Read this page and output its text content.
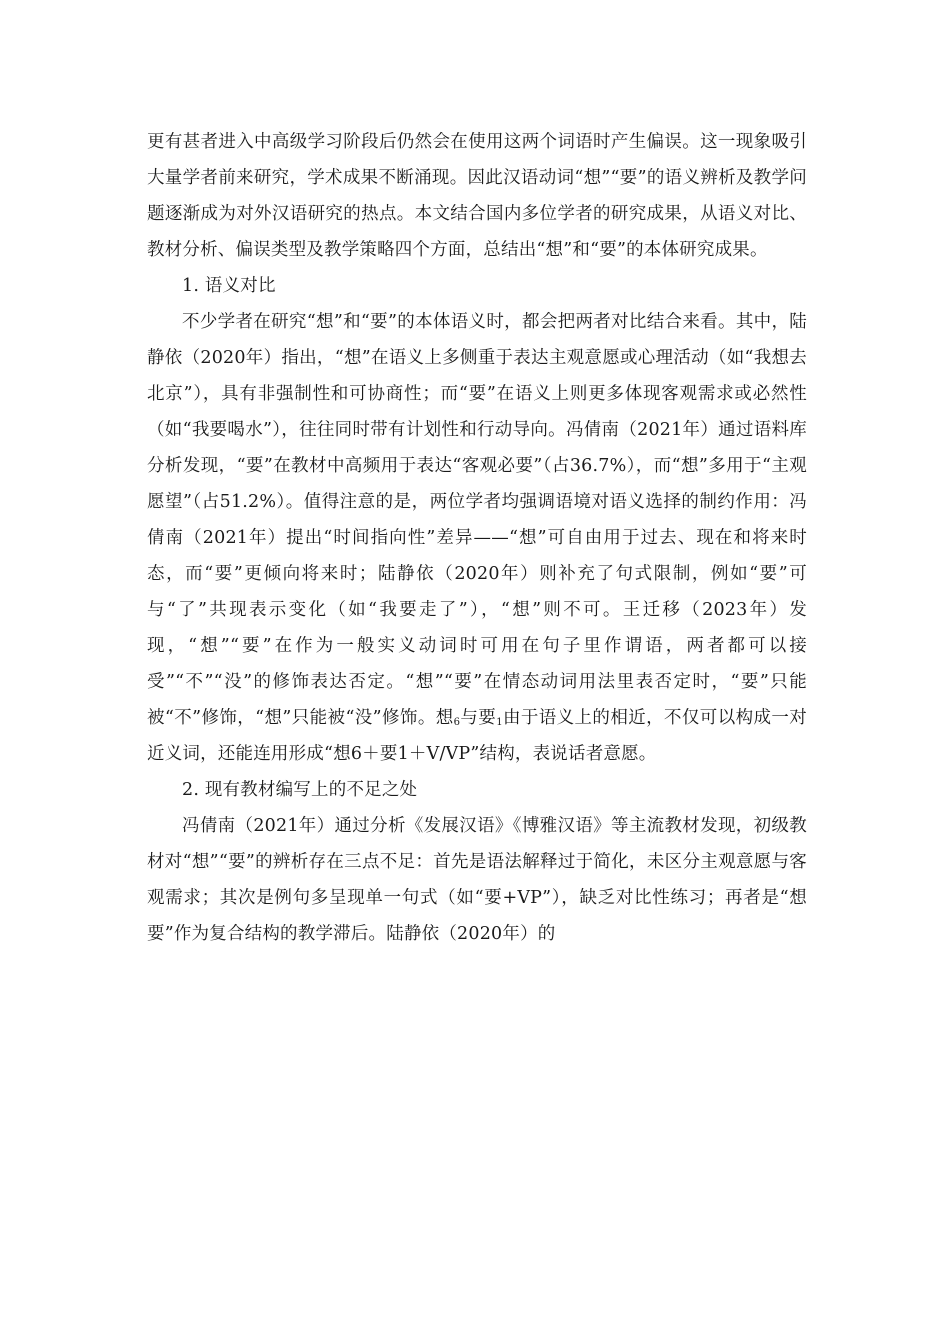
更有甚者进入中高级学习阶段后仍然会在使用这两个词语时产生偏误。这一现象吸引大量学者前来研究，学术成果不断涌现。因此汉语动词“想”“要”的语义辨析及教学问题逐渐成为对外汉语研究的热点。本文结合国内多位学者的研究成果，从语义对比、教材分析、偏误类型及教学策略四个方面，总结出“想”和“要”的本体研究成果。

1. 语义对比

不少学者在研究“想”和“要”的本体语义时，都会把两者对比结合来看。其中，陆静依（2020年）指出，“想”在语义上多侧重于表达主观意愿或心理活动（如“我想去北京”），具有非强制性和可协商性；而“要”在语义上则更多体现客观需求或必然性（如“我要喝水”），往往同时带有计划性和行动导向。冯倩南（2021年）通过语料库分析发现，“要”在教材中高频用于表达“客观必要”（占36.7%），而“想”多用于“主观愿望”（占51.2%）。值得注意的是，两位学者均强调语境对语义选择的制约作用：冯倩南（2021年）提出“时间指向性”差异——“想”可自由用于过去、现在和将来时态，而“要”更倾向将来时；陆静依（2020年）则补充了句式限制，例如“要”可与“了”共现表示变化（如“我要走了”），“想”则不可。王迁移（2023年）发现，“想”“要”在作为一般实义动词时可用在句子里作谓语，两者都可以接受”“不”“没”的修饰表达否定。“想”“要”在情态动词用法里表否定时，“要”只能被“不”修饰，“想”只能被“没”修饰。想$_6$与要$_1$由于语义上的相近，不仅可以构成一对近义词，还能连用形成“想6＋要1＋V/VP”结构，表说话者意愿。

2. 现有教材编写上的不足之处

冯倩南（2021年）通过分析《发展汉语》《博雅汉语》等主流教材发现，初级教材对“想”“要”的辨析存在三点不足：首先是语法解释过于简化，未区分主观意愿与客观需求；其次是例句多呈现单一句式（如“要+VP”），缺乏对比性练习；再者是“想要”作为复合结构的教学滞后。陆静依（2020年）的
